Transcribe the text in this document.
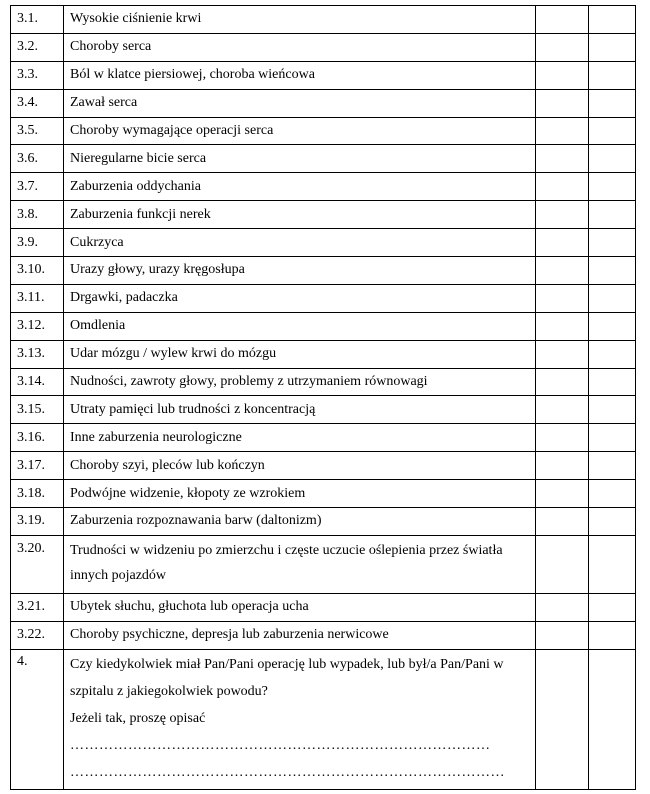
3.1.	Wysokie ciśnienie krwi		
3.2.	Choroby serca		
3.3.	Ból w klatce piersiowej, choroba wieńcowa		
3.4.	Zawał serca		
3.5.	Choroby wymagające operacji serca		
3.6.	Nieregularne bicie serca		
3.7.	Zaburzenia oddychania		
3.8.	Zaburzenia funkcji nerek		
3.9.	Cukrzyca		
3.10.	Urazy głowy, urazy kręgosłupa		
3.11.	Drgawki, padaczka		
3.12.	Omdlenia		
3.13.	Udar mózgu / wylew krwi do mózgu		
3.14.	Nudności, zawroty głowy, problemy z utrzymaniem równowagi		
3.15.	Utraty pamięci lub trudności z koncentracją		
3.16.	Inne zaburzenia neurologiczne		
3.17.	Choroby szyi, pleców lub kończyn		
3.18.	Podwójne widzenie, kłopoty ze wzrokiem		
3.19.	Zaburzenia rozpoznawania barw (daltonizm)		
3.20.	Trudności w widzeniu po zmierzchu i częste uczucie oślepienia przez światła innych pojazdów		
3.21.	Ubytek słuchu, głuchota lub operacja ucha		
3.22.	Choroby psychiczne, depresja lub zaburzenia nerwicowe		
4.	Czy kiedykolwiek miał Pan/Pani operację lub wypadek, lub był/a Pan/Pani w szpitalu z jakiegokolwiek powodu?
Jeżeli tak, proszę opisać
……………………………………………………………………………
………………………………………………………………………………		
